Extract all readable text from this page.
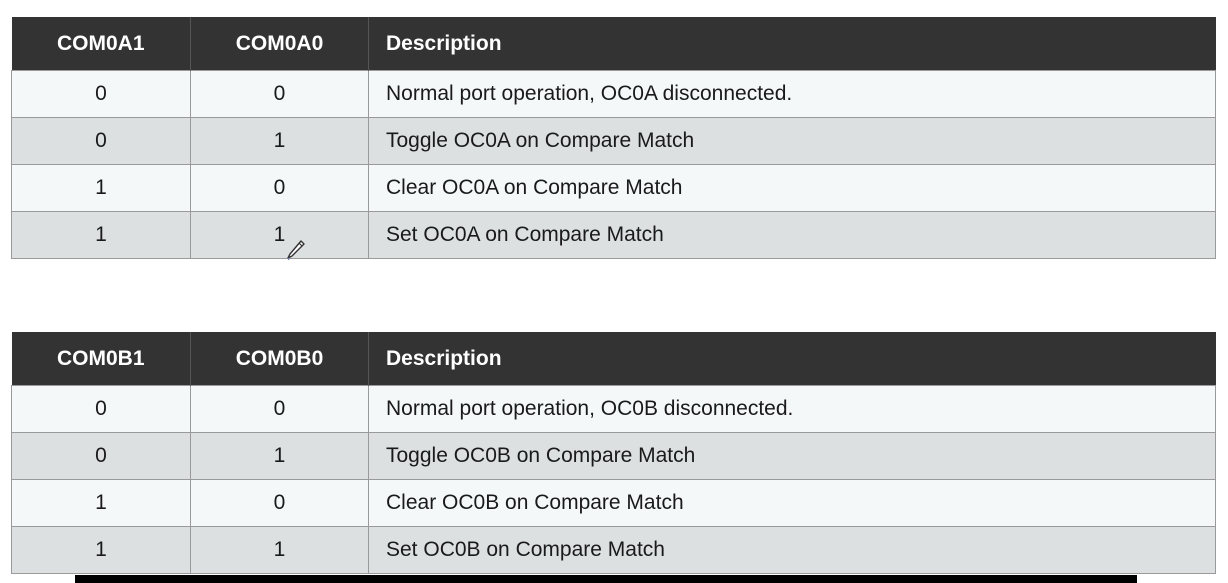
COM0A1	COM0A0	Description
0	0	Normal port operation, OC0A disconnected.
0	1	Toggle OC0A on Compare Match
1	0	Clear OC0A on Compare Match
1	1	Set OC0A on Compare Match
COM0B1	COM0B0	Description
0	0	Normal port operation, OC0B disconnected.
0	1	Toggle OC0B on Compare Match
1	0	Clear OC0B on Compare Match
1	1	Set OC0B on Compare Match
